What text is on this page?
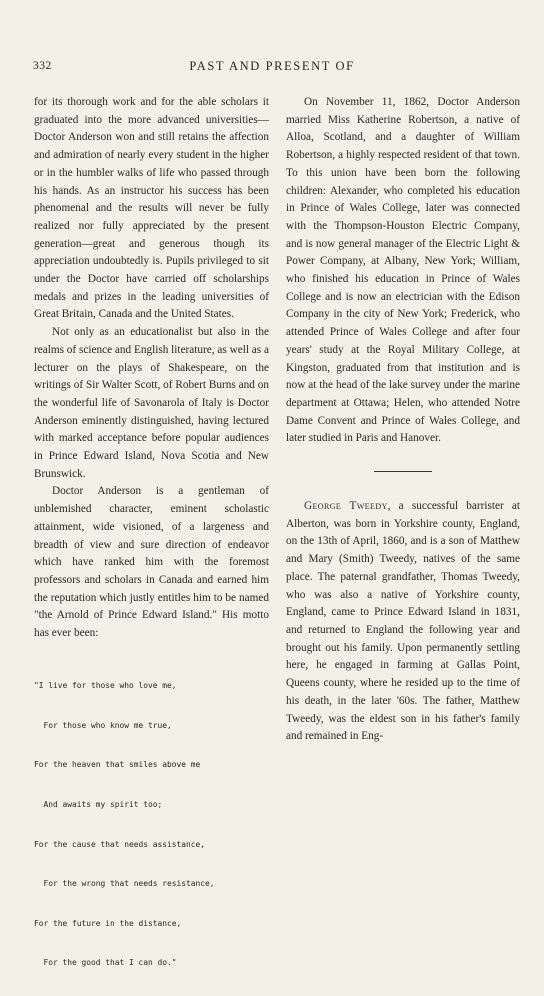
332	PAST AND PRESENT OF

for its thorough work and for the able scholars it graduated into the more advanced universities—Doctor Anderson won and still retains the affection and admiration of nearly every student in the higher or in the humbler walks of life who passed through his hands. As an instructor his success has been phenomenal and the results will never be fully realized nor fully appreciated by the present generation—great and generous though its appreciation undoubtedly is. Pupils privileged to sit under the Doctor have carried off scholarships medals and prizes in the leading universities of Great Britain, Canada and the United States.

Not only as an educationalist but also in the realms of science and English literature, as well as a lecturer on the plays of Shakespeare, on the writings of Sir Walter Scott, of Robert Burns and on the wonderful life of Savonarola of Italy is Doctor Anderson eminently distinguished, having lectured with marked acceptance before popular audiences in Prince Edward Island, Nova Scotia and New Brunswick.

Doctor Anderson is a gentleman of unblemished character, eminent scholastic attainment, wide visioned, of a largeness and breadth of view and sure direction of endeavor which have ranked him with the foremost professors and scholars in Canada and earned him the reputation which justly entitles him to be named "the Arnold of Prince Edward Island." His motto has ever been:

"I live for those who love me,

For those who know me true,

For the heaven that smiles above me

And awaits my spirit too;

For the cause that needs assistance,

For the wrong that needs resistance,

For the future in the distance,

For the good that I can do."

On November 11, 1862, Doctor Anderson married Miss Katherine Robertson, a native of Alloa, Scotland, and a daughter of William Robertson, a highly respected resident of that town. To this union have been born the following children: Alexander, who completed his education in Prince of Wales College, later was connected with the Thompson-Houston Electric Company, and is now general manager of the Electric Light & Power Company, at Albany, New York; William, who finished his education in Prince of Wales College and is now an electrician with the Edison Company in the city of New York; Frederick, who attended Prince of Wales College and after four years' study at the Royal Military College, at Kingston, graduated from that institution and is now at the head of the lake survey under the marine department at Ottawa; Helen, who attended Notre Dame Convent and Prince of Wales College, and later studied in Paris and Hanover.

George Tweedy, a successful barrister at Alberton, was born in Yorkshire county, England, on the 13th of April, 1860, and is a son of Matthew and Mary (Smith) Tweedy, natives of the same place. The paternal grandfather, Thomas Tweedy, who was also a native of Yorkshire county, England, came to Prince Edward Island in 1831, and returned to England the following year and brought out his family. Upon permanently settling here, he engaged in farming at Gallas Point, Queens county, where he resided up to the time of his death, in the later '60s. The father, Matthew Tweedy, was the eldest son in his father's family and remained in Eng-
